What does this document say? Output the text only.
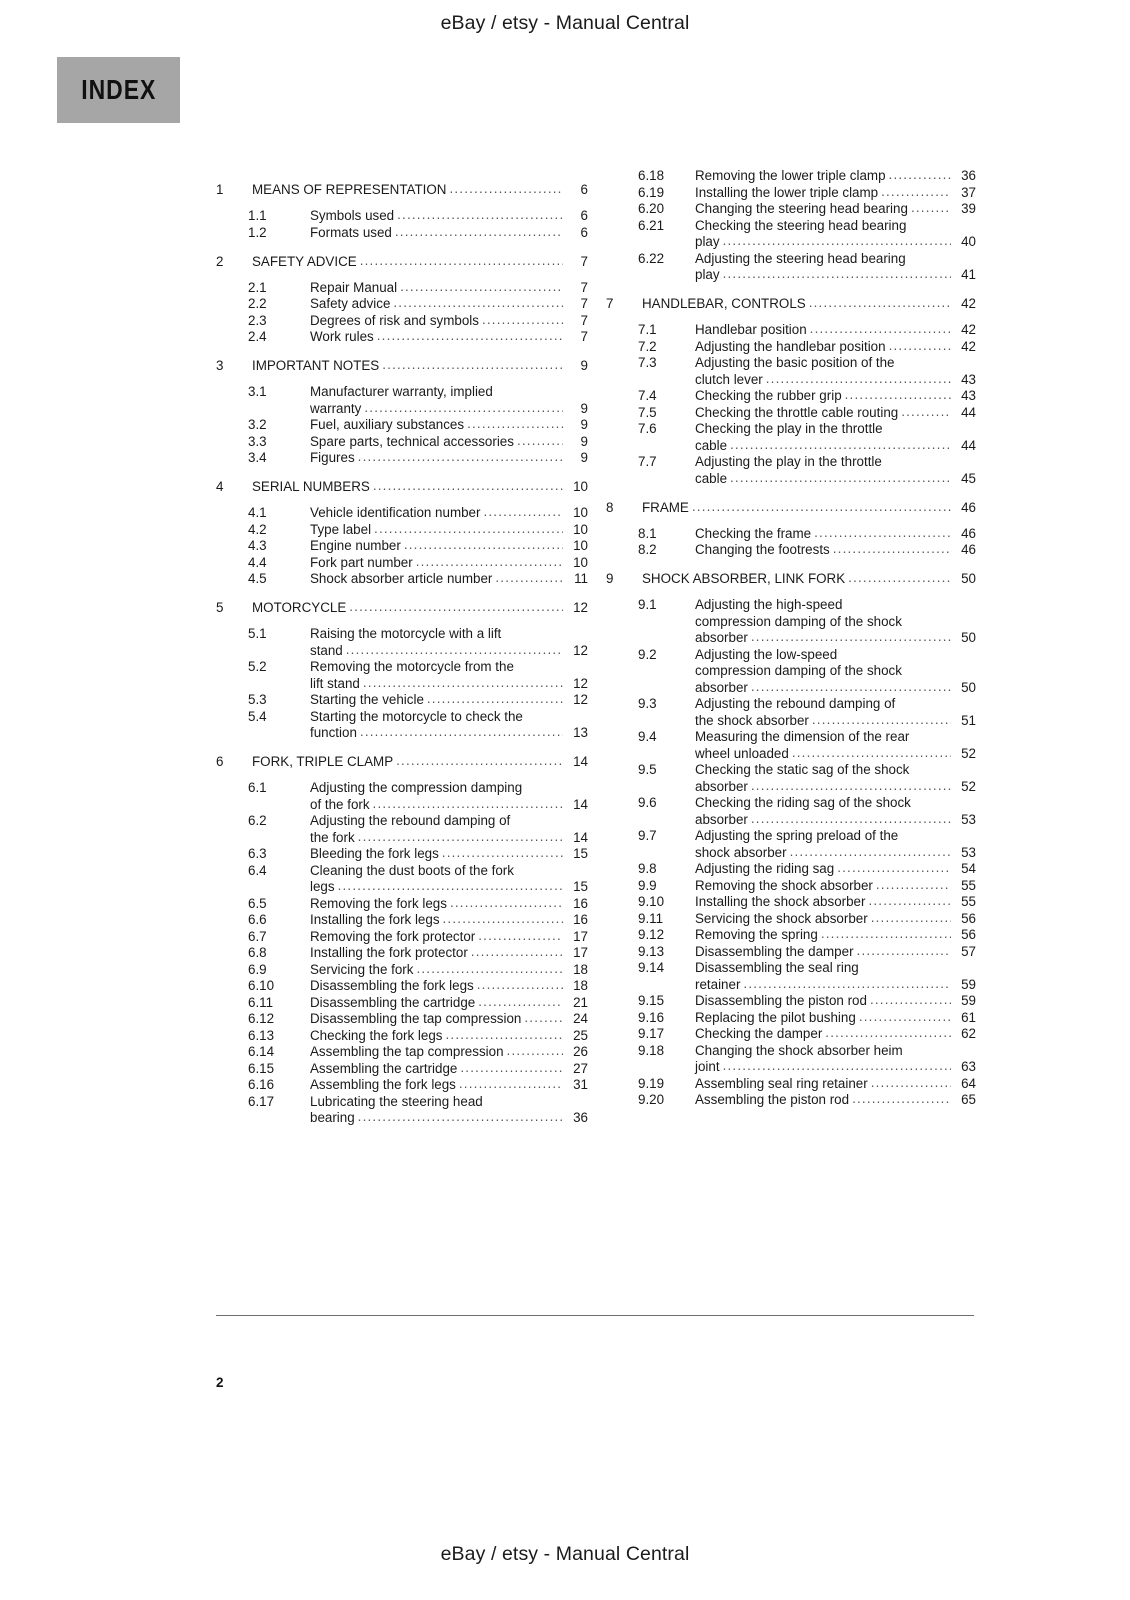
eBay / etsy - Manual Central
INDEX
1	MEANS OF REPRESENTATION .....	6
1.1	Symbols used .....	6
1.2	Formats used .....	6
2	SAFETY ADVICE .....	7
2.1	Repair Manual .....	7
2.2	Safety advice .....	7
2.3	Degrees of risk and symbols .....	7
2.4	Work rules .....	7
3	IMPORTANT NOTES .....	9
3.1	Manufacturer warranty, implied
warranty .....	9
3.2	Fuel, auxiliary substances .....	9
3.3	Spare parts, technical accessories .....	9
3.4	Figures .....	9
4	SERIAL NUMBERS .....	10
4.1	Vehicle identification number .....	10
4.2	Type label .....	10
4.3	Engine number .....	10
4.4	Fork part number .....	10
4.5	Shock absorber article number .....	11
5	MOTORCYCLE .....	12
5.1	Raising the motorcycle with a lift
stand .....	12
5.2	Removing the motorcycle from the
lift stand .....	12
5.3	Starting the vehicle .....	12
5.4	Starting the motorcycle to check the
function .....	13
6	FORK, TRIPLE CLAMP .....	14
6.1	Adjusting the compression damping
of the fork .....	14
6.2	Adjusting the rebound damping of
the fork .....	14
6.3	Bleeding the fork legs .....	15
6.4	Cleaning the dust boots of the fork
legs .....	15
6.5	Removing the fork legs .....	16
6.6	Installing the fork legs .....	16
6.7	Removing the fork protector .....	17
6.8	Installing the fork protector .....	17
6.9	Servicing the fork .....	18
6.10	Disassembling the fork legs .....	18
6.11	Disassembling the cartridge .....	21
6.12	Disassembling the tap compression .....	24
6.13	Checking the fork legs .....	25
6.14	Assembling the tap compression .....	26
6.15	Assembling the cartridge .....	27
6.16	Assembling the fork legs .....	31
6.17	Lubricating the steering head
bearing .....	36
6.18	Removing the lower triple clamp .....	36
6.19	Installing the lower triple clamp .....	37
6.20	Changing the steering head bearing .....	39
6.21	Checking the steering head bearing
play .....	40
6.22	Adjusting the steering head bearing
play .....	41
7	HANDLEBAR, CONTROLS .....	42
7.1	Handlebar position .....	42
7.2	Adjusting the handlebar position .....	42
7.3	Adjusting the basic position of the
clutch lever .....	43
7.4	Checking the rubber grip .....	43
7.5	Checking the throttle cable routing .....	44
7.6	Checking the play in the throttle
cable .....	44
7.7	Adjusting the play in the throttle
cable .....	45
8	FRAME .....	46
8.1	Checking the frame .....	46
8.2	Changing the footrests .....	46
9	SHOCK ABSORBER, LINK FORK .....	50
9.1	Adjusting the high-speed
compression damping of the shock
absorber .....	50
9.2	Adjusting the low-speed
compression damping of the shock
absorber .....	50
9.3	Adjusting the rebound damping of
the shock absorber .....	51
9.4	Measuring the dimension of the rear
wheel unloaded .....	52
9.5	Checking the static sag of the shock
absorber .....	52
9.6	Checking the riding sag of the shock
absorber .....	53
9.7	Adjusting the spring preload of the
shock absorber .....	53
9.8	Adjusting the riding sag .....	54
9.9	Removing the shock absorber .....	55
9.10	Installing the shock absorber .....	55
9.11	Servicing the shock absorber .....	56
9.12	Removing the spring .....	56
9.13	Disassembling the damper .....	57
9.14	Disassembling the seal ring
retainer .....	59
9.15	Disassembling the piston rod .....	59
9.16	Replacing the pilot bushing .....	61
9.17	Checking the damper .....	62
9.18	Changing the shock absorber heim
joint .....	63
9.19	Assembling seal ring retainer .....	64
9.20	Assembling the piston rod .....	65
2
eBay / etsy - Manual Central
